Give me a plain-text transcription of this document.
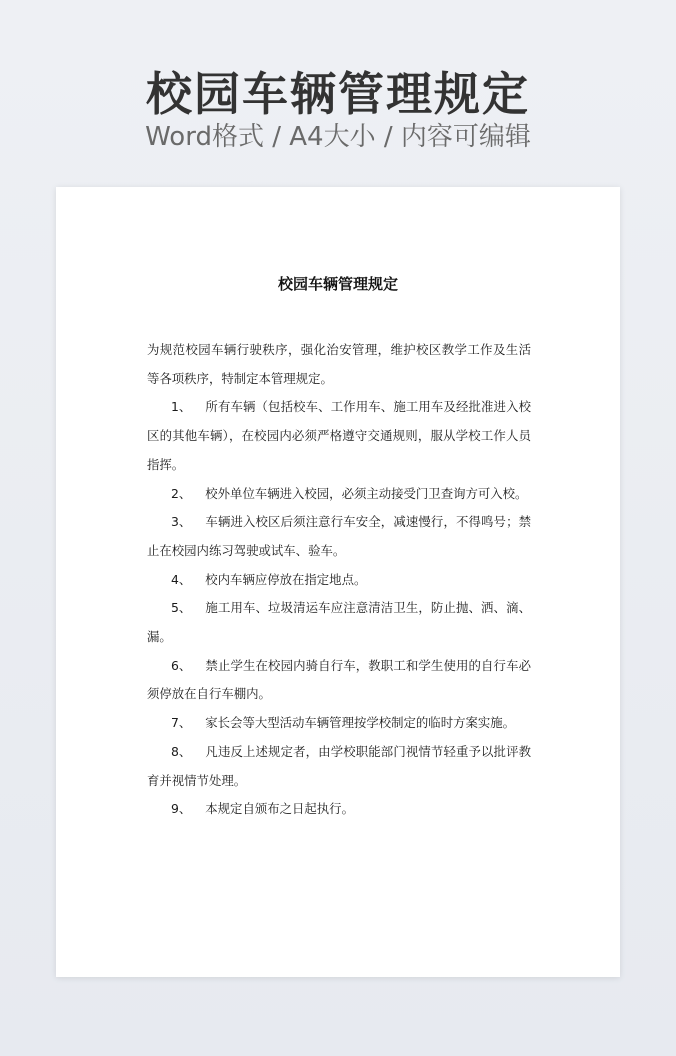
校园车辆管理规定
Word格式 / A4大小 / 内容可编辑
校园车辆管理规定

为规范校园车辆行驶秩序，强化治安管理，维护校区教学工作及生活等各项秩序，特制定本管理规定。

1、 所有车辆（包括校车、工作用车、施工用车及经批准进入校区的其他车辆），在校园内必须严格遵守交通规则，服从学校工作人员指挥。

2、 校外单位车辆进入校园，必须主动接受门卫查询方可入校。

3、 车辆进入校区后须注意行车安全，减速慢行，不得鸣号；禁止在校园内练习驾驶或试车、验车。

4、 校内车辆应停放在指定地点。

5、 施工用车、垃圾清运车应注意清洁卫生，防止抛、洒、滴、漏。

6、 禁止学生在校园内骑自行车，教职工和学生使用的自行车必须停放在自行车棚内。

7、 家长会等大型活动车辆管理按学校制定的临时方案实施。

8、 凡违反上述规定者，由学校职能部门视情节轻重予以批评教育并视情节处理。

9、 本规定自颁布之日起执行。
